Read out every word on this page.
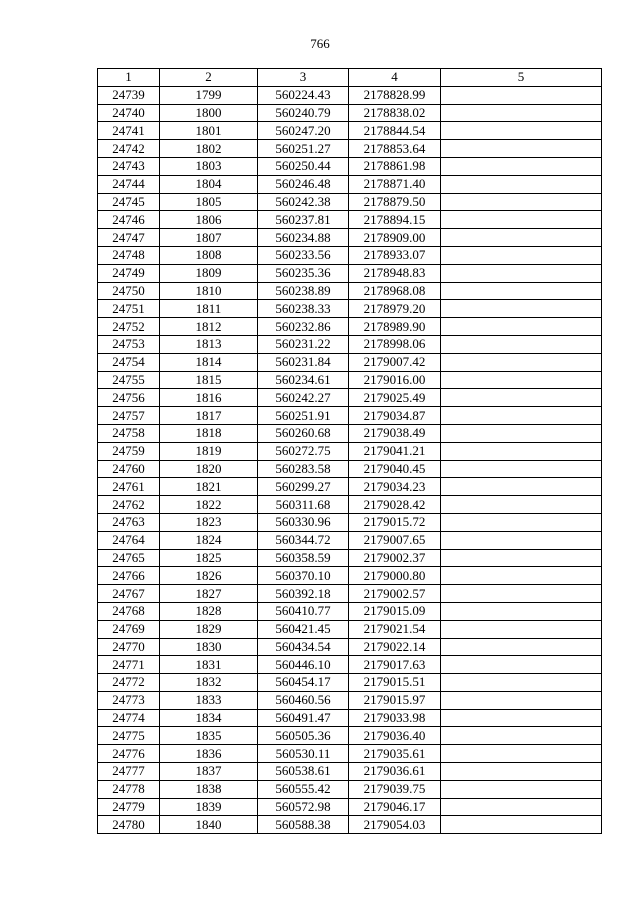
766
1	2	3	4	5
24739	1799	560224.43	2178828.99	
24740	1800	560240.79	2178838.02	
24741	1801	560247.20	2178844.54	
24742	1802	560251.27	2178853.64	
24743	1803	560250.44	2178861.98	
24744	1804	560246.48	2178871.40	
24745	1805	560242.38	2178879.50	
24746	1806	560237.81	2178894.15	
24747	1807	560234.88	2178909.00	
24748	1808	560233.56	2178933.07	
24749	1809	560235.36	2178948.83	
24750	1810	560238.89	2178968.08	
24751	1811	560238.33	2178979.20	
24752	1812	560232.86	2178989.90	
24753	1813	560231.22	2178998.06	
24754	1814	560231.84	2179007.42	
24755	1815	560234.61	2179016.00	
24756	1816	560242.27	2179025.49	
24757	1817	560251.91	2179034.87	
24758	1818	560260.68	2179038.49	
24759	1819	560272.75	2179041.21	
24760	1820	560283.58	2179040.45	
24761	1821	560299.27	2179034.23	
24762	1822	560311.68	2179028.42	
24763	1823	560330.96	2179015.72	
24764	1824	560344.72	2179007.65	
24765	1825	560358.59	2179002.37	
24766	1826	560370.10	2179000.80	
24767	1827	560392.18	2179002.57	
24768	1828	560410.77	2179015.09	
24769	1829	560421.45	2179021.54	
24770	1830	560434.54	2179022.14	
24771	1831	560446.10	2179017.63	
24772	1832	560454.17	2179015.51	
24773	1833	560460.56	2179015.97	
24774	1834	560491.47	2179033.98	
24775	1835	560505.36	2179036.40	
24776	1836	560530.11	2179035.61	
24777	1837	560538.61	2179036.61	
24778	1838	560555.42	2179039.75	
24779	1839	560572.98	2179046.17	
24780	1840	560588.38	2179054.03	
